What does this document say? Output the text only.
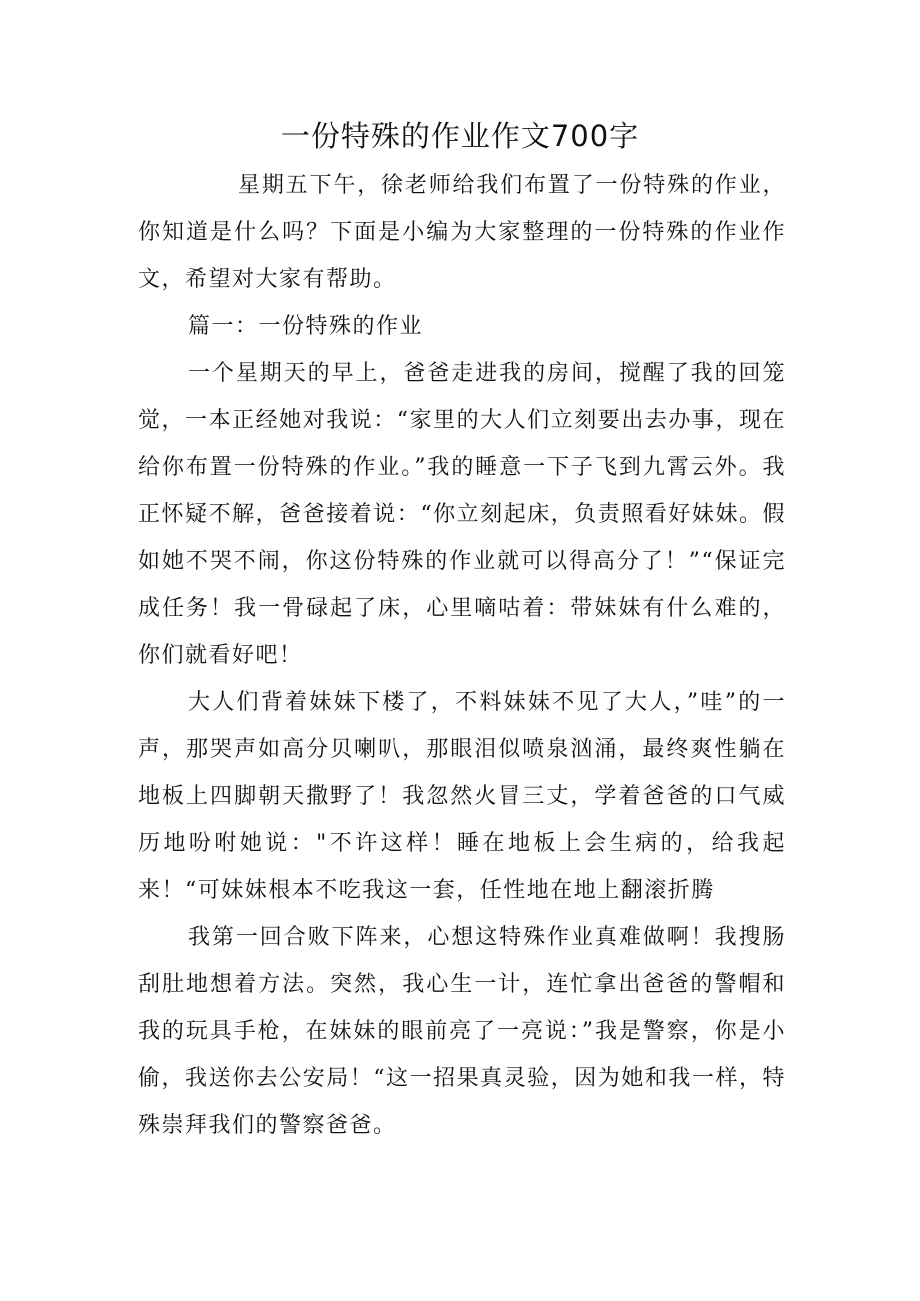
一份特殊的作业作文700字

星期五下午，徐老师给我们布置了一份特殊的作业，你知道是什么吗？下面是小编为大家整理的一份特殊的作业作文，希望对大家有帮助。

篇一：一份特殊的作业

一个星期天的早上，爸爸走进我的房间，搅醒了我的回笼觉，一本正经她对我说：“家里的大人们立刻要出去办事，现在给你布置一份特殊的作业。”我的睡意一下子飞到九霄云外。我正怀疑不解，爸爸接着说：“你立刻起床，负责照看好妹妹。假如她不哭不闹，你这份特殊的作业就可以得高分了！”“保证完成任务！我一骨碌起了床，心里嘀咕着：带妹妹有什么难的，你们就看好吧！

大人们背着妹妹下楼了，不料妹妹不见了大人，”哇”的一声，那哭声如高分贝喇叭，那眼泪似喷泉汹涌，最终爽性躺在地板上四脚朝天撒野了！我忽然火冒三丈，学着爸爸的口气威历地吩咐她说："不许这样！睡在地板上会生病的，给我起来！“可妹妹根本不吃我这一套，任性地在地上翻滚折腾

我第一回合败下阵来，心想这特殊作业真难做啊！我搜肠刮肚地想着方法。突然，我心生一计，连忙拿出爸爸的警帽和我的玩具手枪，在妹妹的眼前亮了一亮说：”我是警察，你是小偷，我送你去公安局！“这一招果真灵验，因为她和我一样，特殊崇拜我们的警察爸爸。
